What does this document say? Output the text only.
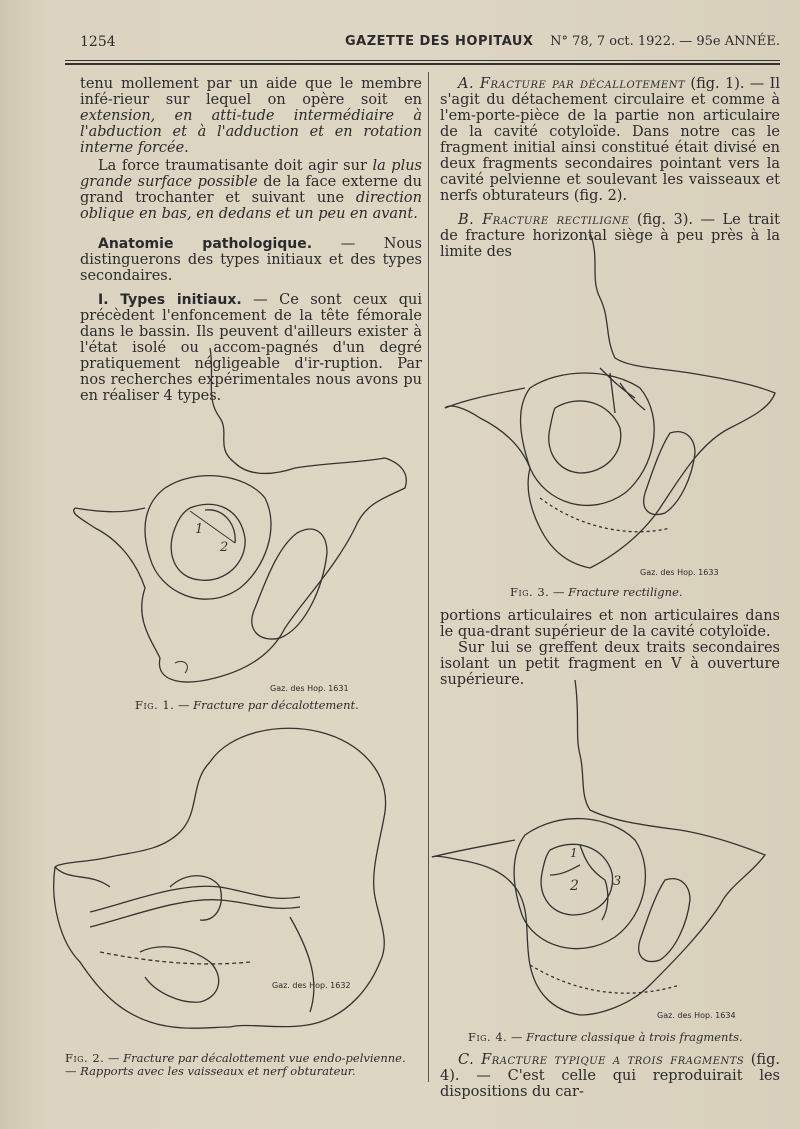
1254	GAZETTE DES HOPITAUX N° 78, 7 oct. 1922. — 95e ANNÉE.

tenu mollement par un aide que le membre infé-rieur sur lequel on opère soit en extension, en atti-tude intermédiaire à l'abduction et à l'adduction et en rotation interne forcée.

La force traumatisante doit agir sur la plus grande surface possible de la face externe du grand trochanter et suivant une direction oblique en bas, en dedans et un peu en avant.

Anatomie pathologique. — Nous distinguerons des types initiaux et des types secondaires.

I. Types initiaux. — Ce sont ceux qui précèdent l'enfoncement de la tête fémorale dans le bassin. Ils peuvent d'ailleurs exister à l'état isolé ou accom-pagnés d'un degré pratiquement négligeable d'ir-ruption. Par nos recherches expérimentales nous avons pu en réaliser 4 types.

1
2
Gaz. des Hop. 1631
Fig. 1. — Fracture par décalottement.
Gaz. des Hop. 1632
Fig. 2. — Fracture par décalottement vue endo-pelvienne. — Rapports avec les vaisseaux et nerf obturateur.

A. Fracture par décallotement (fig. 1). — Il s'agit du détachement circulaire et comme à l'em-porte-pièce de la partie non articulaire de la cavité cotyloïde. Dans notre cas le fragment initial ainsi constitué était divisé en deux fragments secondaires pointant vers la cavité pelvienne et soulevant les vaisseaux et nerfs obturateurs (fig. 2).

B. Fracture rectiligne (fig. 3). — Le trait de fracture horizontal siège à peu près à la limite des

Gaz. des Hop. 1633
Fig. 3. — Fracture rectiligne.

portions articulaires et non articulaires dans le qua-drant supérieur de la cavité cotyloïde.

Sur lui se greffent deux traits secondaires isolant un petit fragment en V à ouverture supérieure.

1
2	3
Gaz. des Hop. 1634
Fig. 4. — Fracture classique à trois fragments.

C. Fracture typique a trois fragments (fig. 4). — C'est celle qui reproduirait les dispositions du car-
